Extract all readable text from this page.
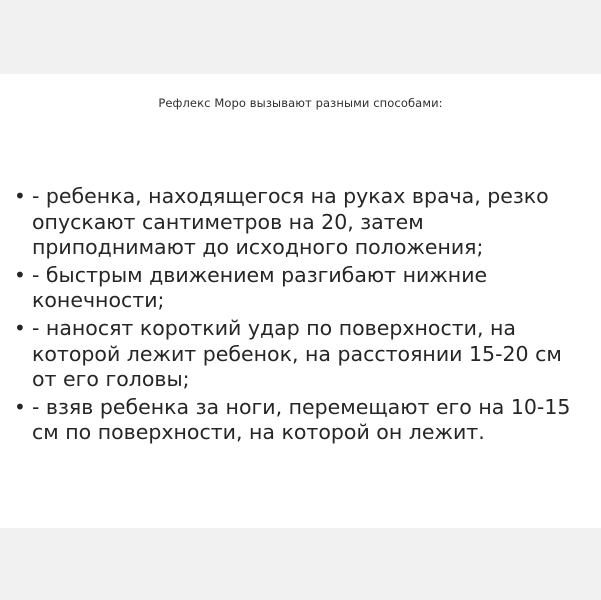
Рефлекс Моро вызывают разными способами:
• - ребенка, находящегося на руках врача, резко опускают сантиметров на 20, затем приподнимают до исходного положения;
• - быстрым движением разгибают нижние конечности;
• - наносят короткий удар по поверхности, на которой лежит ребенок, на расстоянии 15-20 см от его головы;
• - взяв ребенка за ноги, перемещают его на 10-15 см по поверхности, на которой он лежит.
